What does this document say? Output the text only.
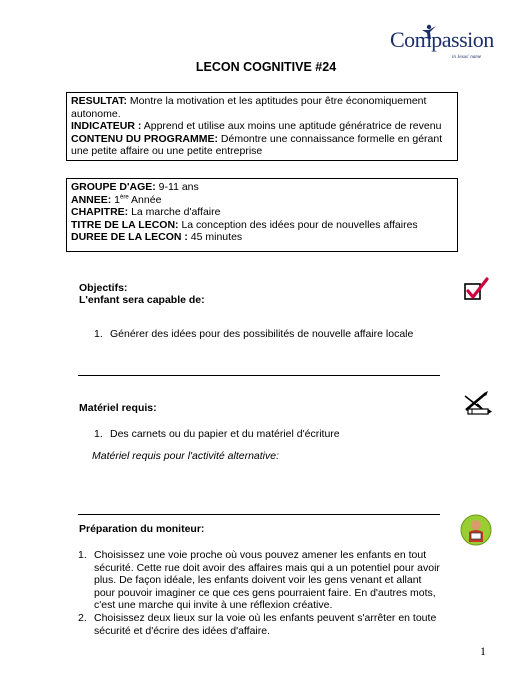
Compassion
in Jesus' name
LECON COGNITIVE #24
RESULTAT: Montre la motivation et les aptitudes pour être économiquement autonome.
INDICATEUR : Apprend et utilise aux moins une aptitude génératrice de revenu
CONTENU DU PROGRAMME: Démontre une connaissance formelle en gérant une petite affaire ou une petite entreprise
GROUPE D'AGE: 9-11 ans
ANNEE: 1ère Année
CHAPITRE: La marche d'affaire
TITRE DE LA LECON: La conception des idées pour de nouvelles affaires
DUREE DE LA LECON : 45 minutes
Objectifs:
L'enfant sera capable de:
1. Générer des idées pour des possibilités de nouvelle affaire locale
Matériel requis:
1. Des carnets ou du papier et du matériel d'écriture
Matériel requis pour l'activité alternative:
Préparation du moniteur:
1. Choisissez une voie proche où vous pouvez amener les enfants en tout sécurité. Cette rue doit avoir des affaires mais qui a un potentiel pour avoir plus. De façon idéale, les enfants doivent voir les gens venant et allant pour pouvoir imaginer ce que ces gens pourraient faire. En d'autres mots, c'est une marche qui invite à une réflexion créative.
2. Choisissez deux lieux sur la voie où les enfants peuvent s'arrêter en toute sécurité et d'écrire des idées d'affaire.
1
